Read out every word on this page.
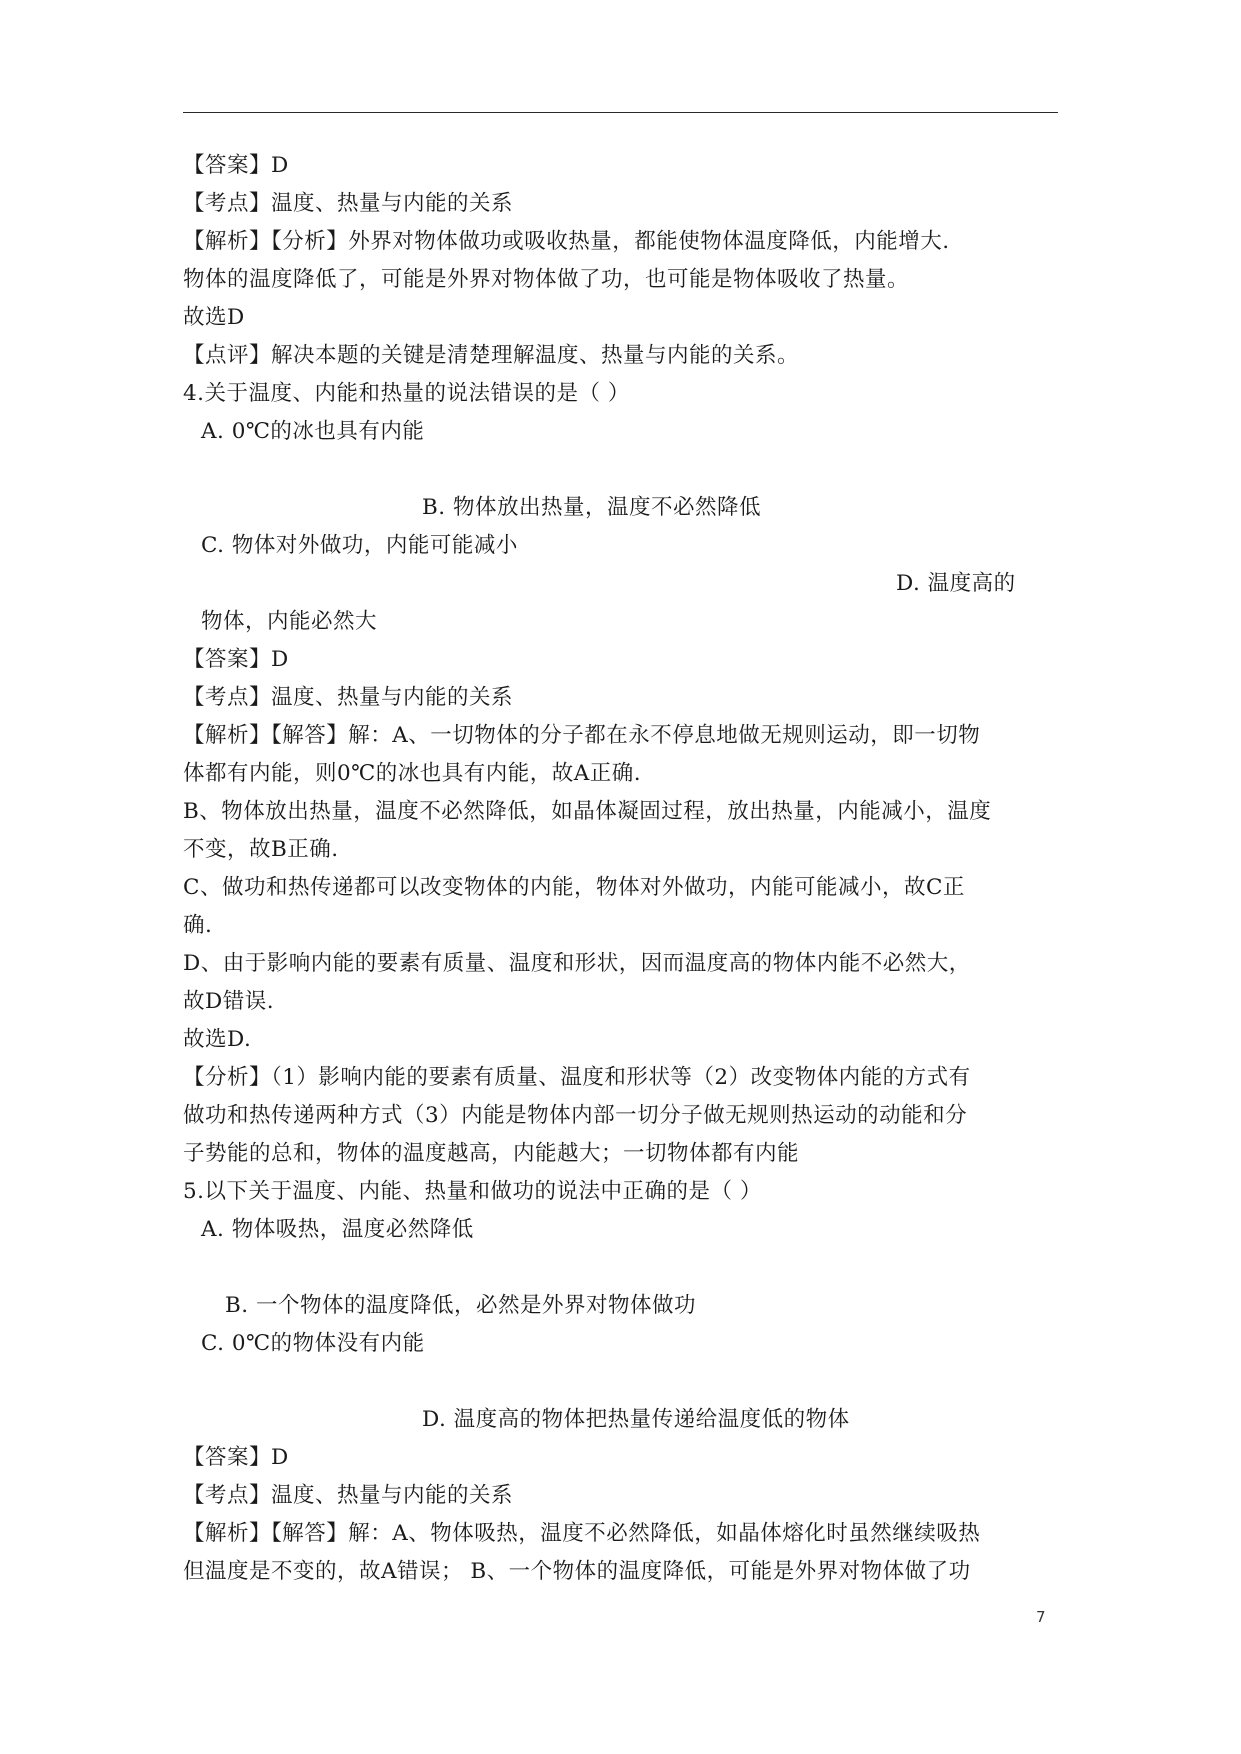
【答案】D
【考点】温度、热量与内能的关系
【解析】【分析】外界对物体做功或吸收热量，都能使物体温度降低，内能增大.
物体的温度降低了，可能是外界对物体做了功，也可能是物体吸收了热量。
故选D
【点评】解决本题的关键是清楚理解温度、热量与内能的关系。
4.关于温度、内能和热量的说法错误的是（ ）
A. 0℃的冰也具有内能
B. 物体放出热量，温度不必然降低
C. 物体对外做功，内能可能减小
D. 温度高的
物体，内能必然大
【答案】D
【考点】温度、热量与内能的关系
【解析】【解答】解：A、一切物体的分子都在永不停息地做无规则运动，即一切物
体都有内能，则0℃的冰也具有内能，故A正确.
B、物体放出热量，温度不必然降低，如晶体凝固过程，放出热量，内能减小，温度
不变，故B正确.
C、做功和热传递都可以改变物体的内能，物体对外做功，内能可能减小，故C正
确.
D、由于影响内能的要素有质量、温度和形状，因而温度高的物体内能不必然大，
故D错误.
故选D.
【分析】（1）影响内能的要素有质量、温度和形状等（2）改变物体内能的方式有
做功和热传递两种方式（3）内能是物体内部一切分子做无规则热运动的动能和分
子势能的总和，物体的温度越高，内能越大；一切物体都有内能
5.以下关于温度、内能、热量和做功的说法中正确的是（ ）
A. 物体吸热，温度必然降低
B. 一个物体的温度降低，必然是外界对物体做功
C. 0℃的物体没有内能
D. 温度高的物体把热量传递给温度低的物体
【答案】D
【考点】温度、热量与内能的关系
【解析】【解答】解：A、物体吸热，温度不必然降低，如晶体熔化时虽然继续吸热
但温度是不变的，故A错误； B、一个物体的温度降低，可能是外界对物体做了功
7
